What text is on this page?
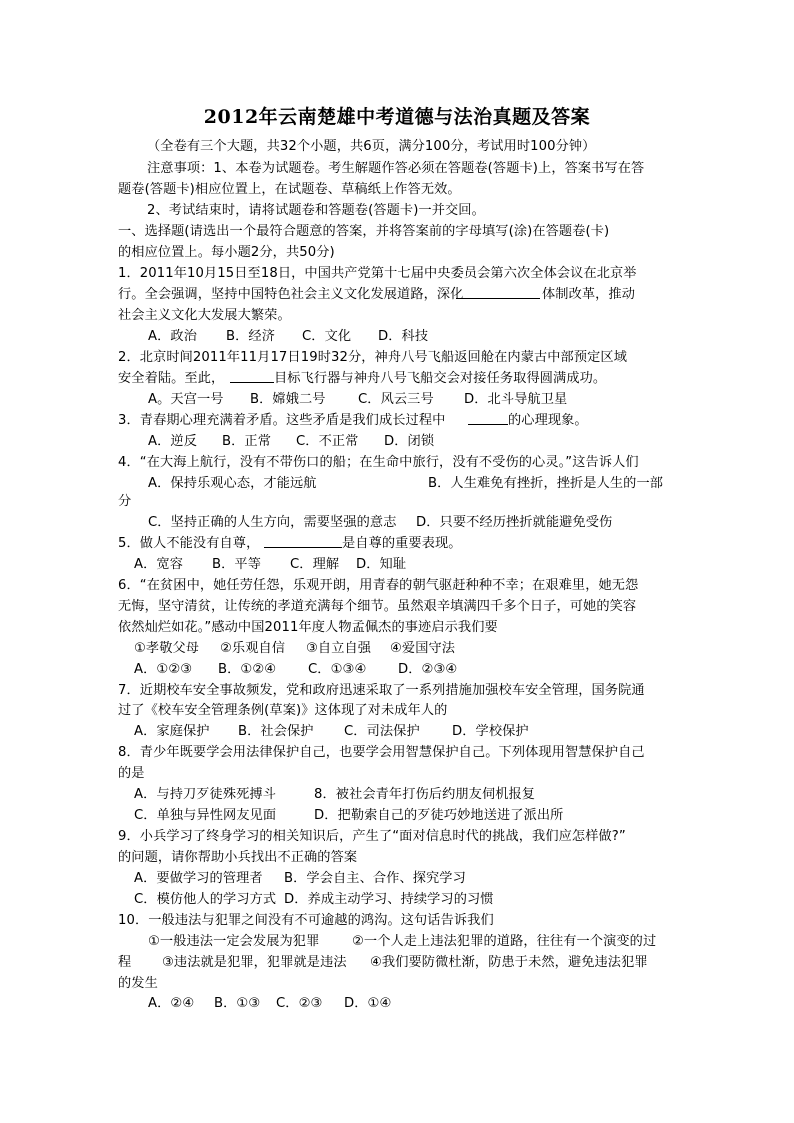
2012年云南楚雄中考道德与法治真题及答案
（全卷有三个大题，共32个小题，共6页，满分100分，考试用时100分钟）
注意事项：1、本卷为试题卷。考生解题作答必须在答题卷(答题卡)上，答案书写在答
题卷(答题卡)相应位置上，在试题卷、草稿纸上作答无效。
2、考试结束时，请将试题卷和答题卷(答题卡)一并交回。
一、选择题(请选出一个最符合题意的答案，并将答案前的字母填写(涂)在答题卷(卡)
的相应位置上。每小题2分，共50分)
1．2011年10月15日至18日，中国共产党第十七届中央委员会第六次全体会议在北京举
行。全会强调，坚持中国特色社会主义文化发展道路，深化	体制改革，推动
社会主义文化大发展大繁荣。
A．政治 B．经济 C．文化 D．科技
2．北京时间2011年11月17日19时32分，神舟八号飞船返回舱在内蒙古中部预定区域
安全着陆。至此，	目标飞行器与神舟八号飞船交会对接任务取得圆满成功。
A。天宫一号 B．嫦娥二号 C．风云三号 D．北斗导航卫星
3．青春期心理充满着矛盾。这些矛盾是我们成长过程中	的心理现象。
A．逆反 B．正常 C．不正常 D．闭锁
4．“在大海上航行，没有不带伤口的船；在生命中旅行，没有不受伤的心灵。”这告诉人们
A．保持乐观心态，才能远航	B．人生难免有挫折，挫折是人生的一部
分
C．坚持正确的人生方向，需要坚强的意志 D．只要不经历挫折就能避免受伤
5．做人不能没有自尊，	是自尊的重要表现。
A．宽容 B．平等 C．理解 D．知耻
6．“在贫困中，她任劳任怨，乐观开朗，用青春的朝气驱赶种种不幸；在艰难里，她无怨
无悔，坚守清贫，让传统的孝道充满每个细节。虽然艰辛填满四千多个日子，可她的笑容
依然灿烂如花。”感动中国2011年度人物孟佩杰的事迹启示我们要
①孝敬父母 ②乐观自信 ③自立自强 ④爱国守法
A．①②③ B．①②④ C．①③④ D．②③④
7．近期校车安全事故频发，党和政府迅速采取了一系列措施加强校车安全管理，国务院通
过了《校车安全管理条例(草案)》这体现了对未成年人的
A．家庭保护 B．社会保护 C．司法保护 D．学校保护
8．青少年既要学会用法律保护自己，也要学会用智慧保护自己。下列体现用智慧保护自己
的是
A．与持刀歹徒殊死搏斗	8．被社会青年打伤后约朋友伺机报复
C．单独与异性网友见面	D．把勒索自己的歹徒巧妙地送进了派出所
9．小兵学习了终身学习的相关知识后，产生了“面对信息时代的挑战，我们应怎样做?”
的问题，请你帮助小兵找出不正确的答案
A．要做学习的管理者 B．学会自主、合作、探究学习
C．模仿他人的学习方式 D．养成主动学习、持续学习的习惯
10．一般违法与犯罪之间没有不可逾越的鸿沟。这句话告诉我们
①一般违法一定会发展为犯罪 ②一个人走上违法犯罪的道路，往往有一个演变的过
程 ③违法就是犯罪，犯罪就是违法 ④我们要防微杜渐，防患于未然，避免违法犯罪
的发生
A．②④ B．①③ C．②③ D．①④
